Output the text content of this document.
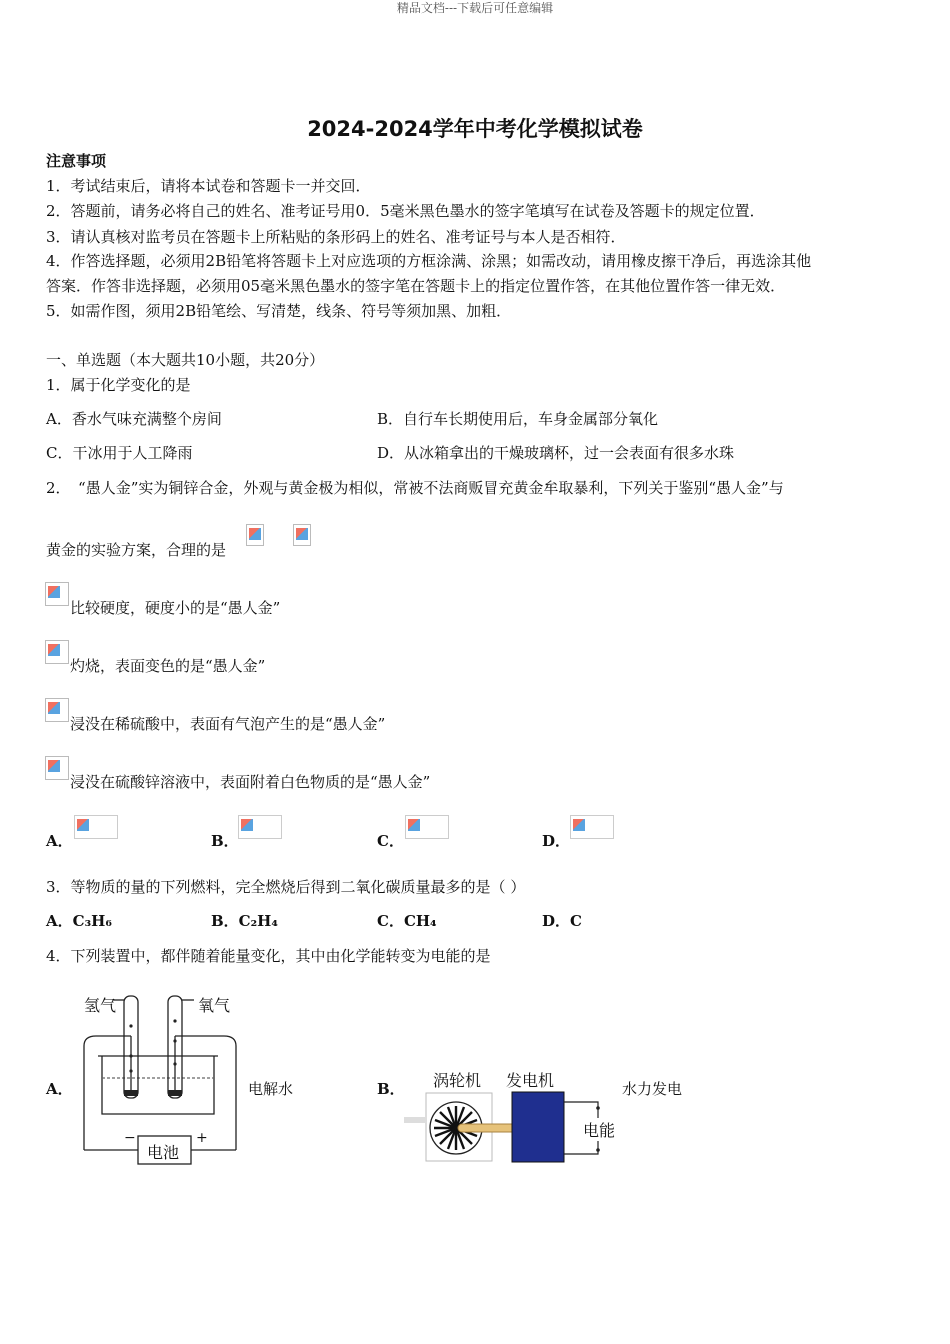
精品文档---下载后可任意编辑
2024-2024学年中考化学模拟试卷
注意事项
1．考试结束后，请将本试卷和答题卡一并交回．
2．答题前，请务必将自己的姓名、准考证号用0．5毫米黑色墨水的签字笔填写在试卷及答题卡的规定位置．
3．请认真核对监考员在答题卡上所粘贴的条形码上的姓名、准考证号与本人是否相符．
4．作答选择题，必须用2B铅笔将答题卡上对应选项的方框涂满、涂黑；如需改动，请用橡皮擦干净后，再选涂其他
答案．作答非选择题，必须用05毫米黑色墨水的签字笔在答题卡上的指定位置作答，在其他位置作答一律无效．
5．如需作图，须用2B铅笔绘、写清楚，线条、符号等须加黑、加粗．
一、单选题（本大题共10小题，共20分）
1．属于化学变化的是
A．香水气味充满整个房间	B．自行车长期使用后，车身金属部分氧化
C．干冰用于人工降雨	D．从冰箱拿出的干燥玻璃杯，过一会表面有很多水珠
2．　“愚人金”实为铜锌合金，外观与黄金极为相似，常被不法商贩冒充黄金牟取暴利，下列关于鉴别“愚人金”与
黄金的实验方案，合理的是
比较硬度，硬度小的是“愚人金”
灼烧，表面变色的是“愚人金”
浸没在稀硫酸中，表面有气泡产生的是“愚人金”
浸没在硫酸锌溶液中，表面附着白色物质的是“愚人金”
A．	B．	C．	D．
3．等物质的量的下列燃料，完全燃烧后得到二氧化碳质量最多的是（ ）
A．C₃H₆	B．C₂H₄	C．CH₄	D．C
4．下列装置中，都伴随着能量变化，其中由化学能转变为电能的是
A．	电解水	B．	水力发电
氢气	氧气
电池
−	+
涡轮机 发电机
电能
